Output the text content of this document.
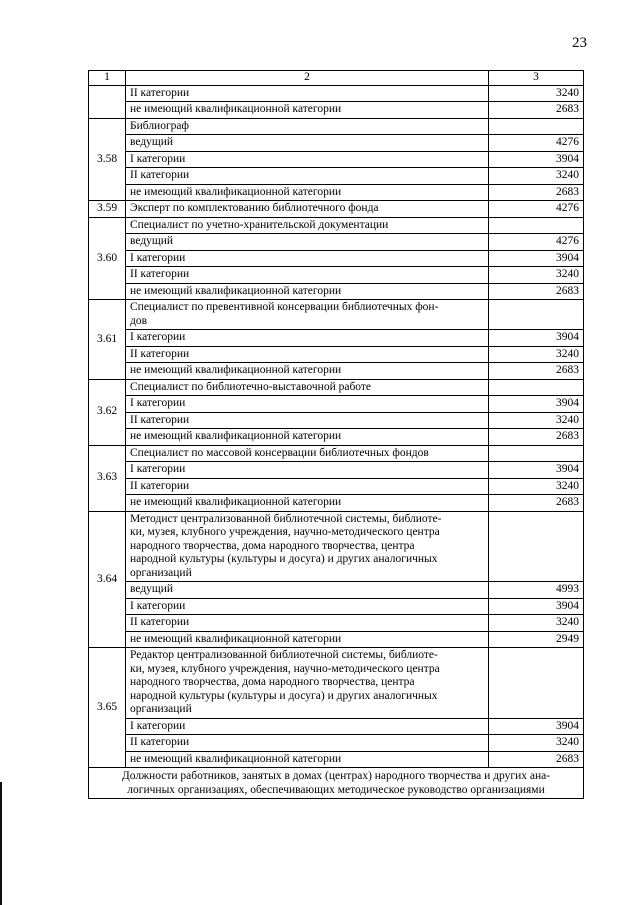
23
1	2	3
	II категории	3240
	не имеющий квалификационной категории	2683
3.58	Библиограф	
	ведущий	4276
	I категории	3904
	II категории	3240
	не имеющий квалификационной категории	2683
3.59	Эксперт по комплектованию библиотечного фонда	4276
3.60	Специалист по учетно-хранительской документации	
	ведущий	4276
	I категории	3904
	II категории	3240
	не имеющий квалификационной категории	2683
3.61	Специалист по превентивной консервации библиотечных фон-
дов	

	I категории	3904
	II категории	3240
	не имеющий квалификационной категории	2683
3.62	Специалист по библиотечно-выставочной работе	
	I категории	3904
	II категории	3240
	не имеющий квалификационной категории	2683
3.63	Специалист по массовой консервации библиотечных фондов	
	I категории	3904
	II категории	3240
	не имеющий квалификационной категории	2683
3.64	Методист централизованной библиотечной системы, библиоте-
ки, музея, клубного учреждения, научно-методического центра
народного творчества, дома народного творчества, центра
народной культуры (культуры и досуга) и других аналогичных
организаций	

	ведущий	4993
	I категории	3904
	II категории	3240
	не имеющий квалификационной категории	2949
3.65	Редактор централизованной библиотечной системы, библиоте-
ки, музея, клубного учреждения, научно-методического центра
народного творчества, дома народного творчества, центра
народной культуры (культуры и досуга) и других аналогичных
организаций	

	I категории	3904
	II категории	3240
	не имеющий квалификационной категории	2683

Должности работников, занятых в домах (центрах) народного творчества и других ана-
логичных организациях, обеспечивающих методическое руководство организациями		
